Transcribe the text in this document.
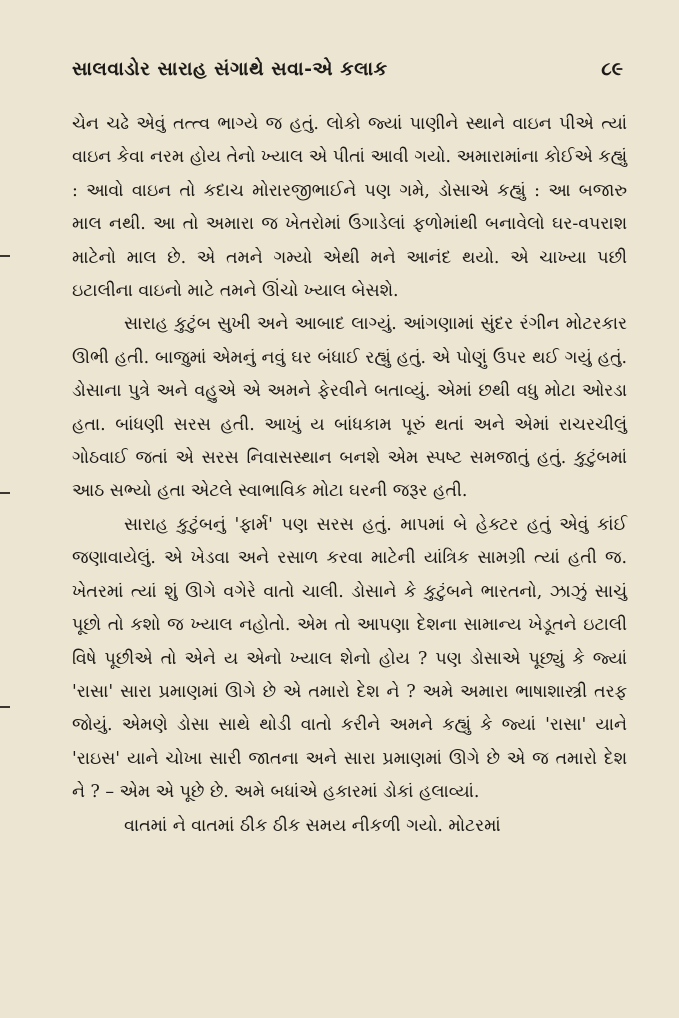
સાલવાડોર સારાહ સંગાથે સવા-એ કલાક	૮૯

ચેન ચઢે એવું તત્ત્વ ભાગ્યે જ હતું. લોકો જ્યાં પાણીને સ્થાને વાઇન પીએ ત્યાં વાઇન કેવા નરમ હોય તેનો ખ્યાલ એ પીતાં આવી ગયો. અમારામાંના કોઈએ કહ્યું : આવો વાઇન તો કદાચ મોરારજીભાઈને પણ ગમે, ડોસાએ કહ્યું : આ બજારુ માલ નથી. આ તો અમારા જ ખેતરોમાં ઉગાડેલાં ફળોમાંથી બનાવેલો ઘર-વપરાશ માટેનો માલ છે. એ તમને ગમ્યો એથી મને આનંદ થયો. એ ચાખ્યા પછી ઇટાલીના વાઇનો માટે તમને ઊંચો ખ્યાલ બેસશે.

સારાહ કુટુંબ સુખી અને આબાદ લાગ્યું. આંગણામાં સુંદર રંગીન મોટરકાર ઊભી હતી. બાજુમાં એમનું નવું ઘર બંધાઈ રહ્યું હતું. એ પોણું ઉપર થઈ ગયું હતું. ડોસાના પુત્રે અને વહુએ એ અમને ફેરવીને બતાવ્યું. એમાં છથી વધુ મોટા ઓરડા હતા. બાંધણી સરસ હતી. આખું ય બાંધકામ પૂરું થતાં અને એમાં રાચરચીલું ગોઠવાઈ જતાં એ સરસ નિવાસસ્થાન બનશે એમ સ્પષ્ટ સમજાતું હતું. કુટુંબમાં આઠ સભ્યો હતા એટલે સ્વાભાવિક મોટા ઘરની જરૂર હતી.

સારાહ કુટુંબનું 'ફાર્મ' પણ સરસ હતું. માપમાં બે હેક્ટર હતું એવું કાંઈ જણાવાયેલું. એ ખેડવા અને રસાળ કરવા માટેની યાંત્રિક સામગ્રી ત્યાં હતી જ. ખેતરમાં ત્યાં શું ઊગે વગેરે વાતો ચાલી. ડોસાને કે કુટુંબને ભારતનો, ઝાઝું સાચું પૂછો તો કશો જ ખ્યાલ નહોતો. એમ તો આપણા દેશના સામાન્ય ખેડૂતને ઇટાલી વિષે પૂછીએ તો એને ય એનો ખ્યાલ શેનો હોય ? પણ ડોસાએ પૂછ્યું કે જ્યાં 'રાસા' સારા પ્રમાણમાં ઊગે છે એ તમારો દેશ ને ? અમે અમારા ભાષાશાસ્ત્રી તરફ જોયું. એમણે ડોસા સાથે થોડી વાતો કરીને અમને કહ્યું કે જ્યાં 'રાસા' યાને 'રાઇસ' યાને ચોખા સારી જાતના અને સારા પ્રમાણમાં ઊગે છે એ જ તમારો દેશ ને ? – એમ એ પૂછે છે. અમે બધાંએ હકારમાં ડોકાં હલાવ્યાં.

વાતમાં ને વાતમાં ઠીક ઠીક સમય નીકળી ગયો. મોટરમાં
